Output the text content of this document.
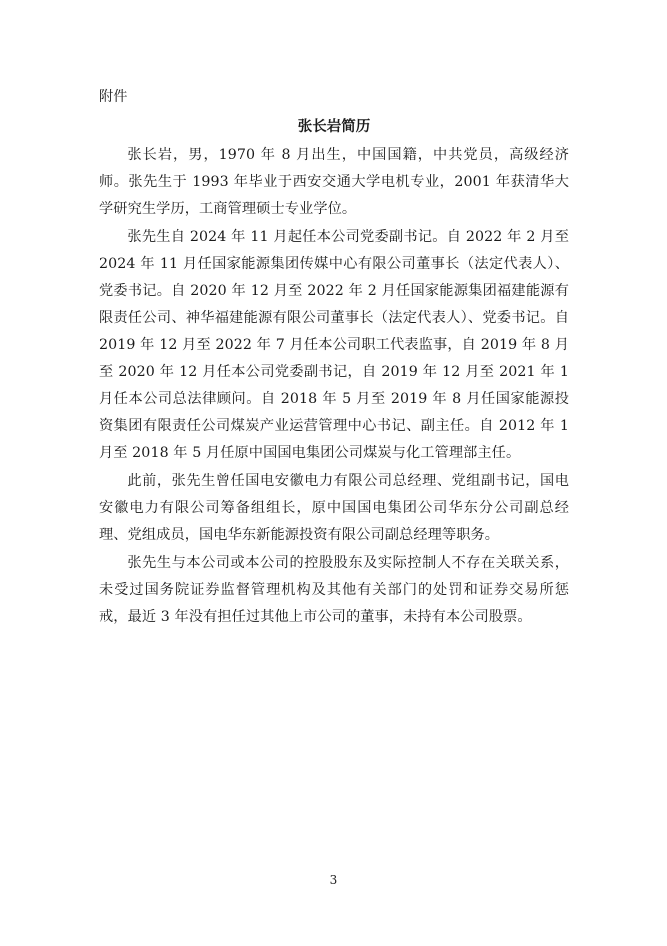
附件

张长岩简历

张长岩，男，1970 年 8 月出生，中国国籍，中共党员，高级经济师。张先生于 1993 年毕业于西安交通大学电机专业，2001 年获清华大学研究生学历，工商管理硕士专业学位。

张先生自 2024 年 11 月起任本公司党委副书记。自 2022 年 2 月至 2024 年 11 月任国家能源集团传媒中心有限公司董事长（法定代表人）、党委书记。自 2020 年 12 月至 2022 年 2 月任国家能源集团福建能源有限责任公司、神华福建能源有限公司董事长（法定代表人）、党委书记。自 2019 年 12 月至 2022 年 7 月任本公司职工代表监事，自 2019 年 8 月至 2020 年 12 月任本公司党委副书记，自 2019 年 12 月至 2021 年 1 月任本公司总法律顾问。自 2018 年 5 月至 2019 年 8 月任国家能源投资集团有限责任公司煤炭产业运营管理中心书记、副主任。自 2012 年 1 月至 2018 年 5 月任原中国国电集团公司煤炭与化工管理部主任。

此前，张先生曾任国电安徽电力有限公司总经理、党组副书记，国电安徽电力有限公司筹备组组长，原中国国电集团公司华东分公司副总经理、党组成员，国电华东新能源投资有限公司副总经理等职务。

张先生与本公司或本公司的控股股东及实际控制人不存在关联关系，未受过国务院证券监督管理机构及其他有关部门的处罚和证券交易所惩戒，最近 3 年没有担任过其他上市公司的董事，未持有本公司股票。

3
